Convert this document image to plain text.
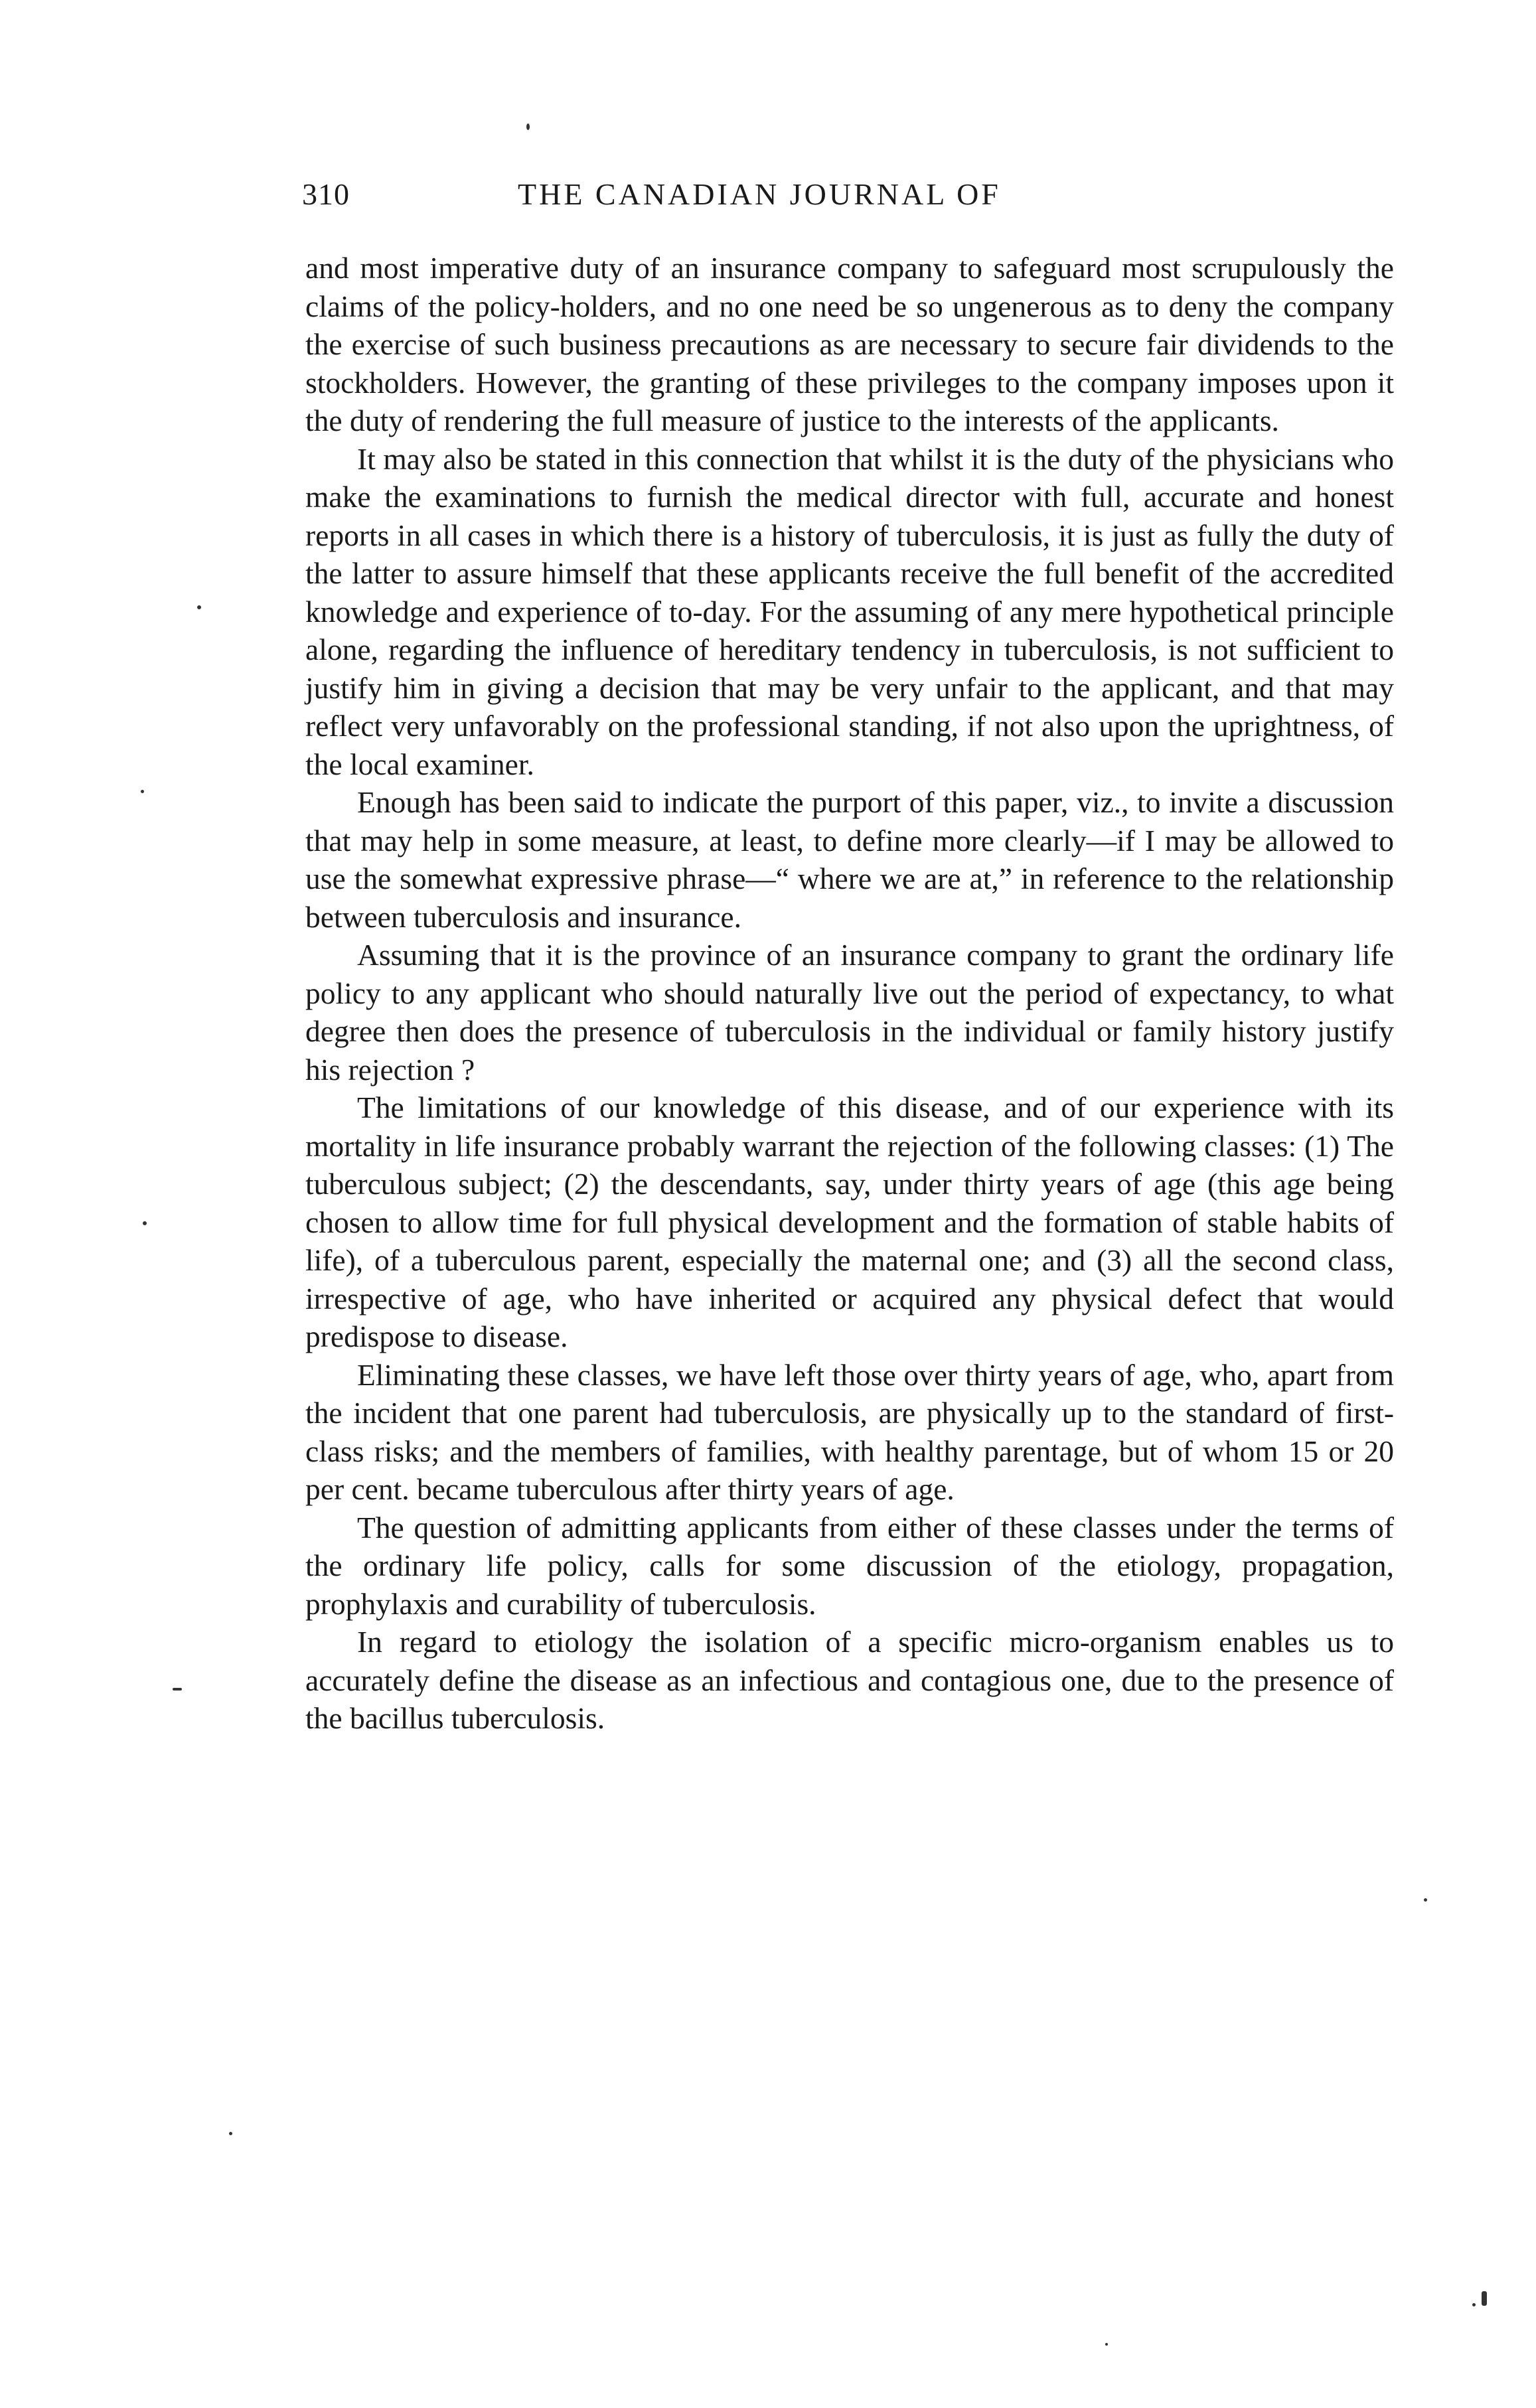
310	THE CANADIAN JOURNAL OF

and most imperative duty of an insurance company to safeguard most scrupulously the claims of the policy-holders, and no one need be so ungenerous as to deny the company the exercise of such business precautions as are necessary to secure fair dividends to the stockholders. However, the granting of these privileges to the company imposes upon it the duty of rendering the full measure of justice to the interests of the applicants.

It may also be stated in this connection that whilst it is the duty of the physicians who make the examinations to furnish the medical director with full, accurate and honest reports in all cases in which there is a history of tuberculosis, it is just as fully the duty of the latter to assure himself that these applicants receive the full benefit of the accredited knowledge and experience of to-day. For the assuming of any mere hypothetical principle alone, regarding the influence of hereditary tendency in tuberculosis, is not sufficient to justify him in giving a decision that may be very unfair to the applicant, and that may reflect very unfavorably on the professional standing, if not also upon the uprightness, of the local examiner.

Enough has been said to indicate the purport of this paper, viz., to invite a discussion that may help in some measure, at least, to define more clearly—if I may be allowed to use the somewhat expressive phrase—“ where we are at,” in reference to the relationship between tuberculosis and insurance.

Assuming that it is the province of an insurance company to grant the ordinary life policy to any applicant who should naturally live out the period of expectancy, to what degree then does the presence of tuberculosis in the individual or family history justify his rejection ?

The limitations of our knowledge of this disease, and of our experience with its mortality in life insurance probably warrant the rejection of the following classes: (1) The tuberculous subject; (2) the descendants, say, under thirty years of age (this age being chosen to allow time for full physical development and the formation of stable habits of life), of a tuberculous parent, especially the maternal one; and (3) all the second class, irrespective of age, who have inherited or acquired any physical defect that would predispose to disease.

Eliminating these classes, we have left those over thirty years of age, who, apart from the incident that one parent had tuberculosis, are physically up to the standard of first-class risks; and the members of families, with healthy parentage, but of whom 15 or 20 per cent. became tuberculous after thirty years of age.

The question of admitting applicants from either of these classes under the terms of the ordinary life policy, calls for some discussion of the etiology, propagation, prophylaxis and curability of tuberculosis.

In regard to etiology the isolation of a specific micro-organism enables us to accurately define the disease as an infectious and contagious one, due to the presence of the bacillus tuberculosis.
